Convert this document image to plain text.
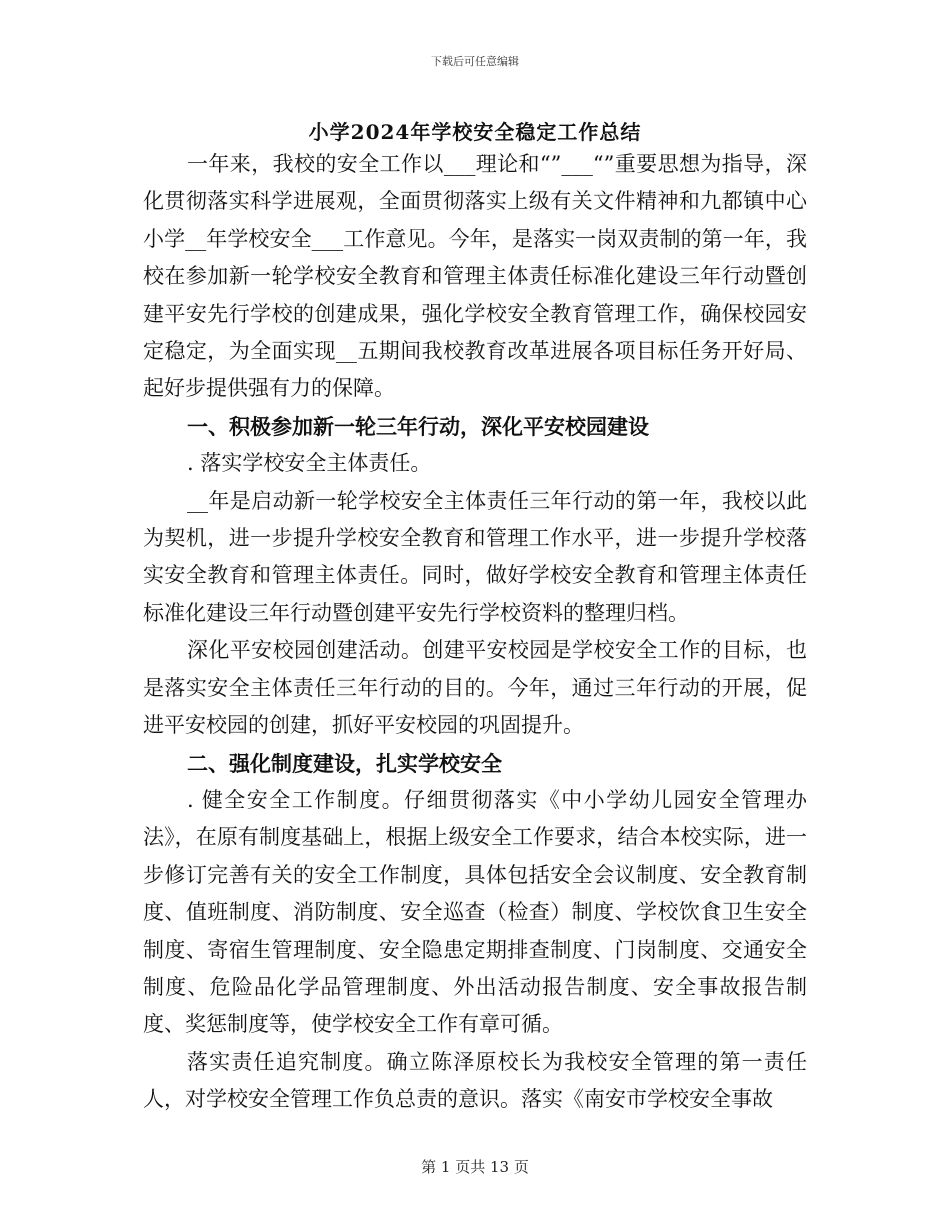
下载后可任意编辑
小学2024年学校安全稳定工作总结

一年来，我校的安全工作以___理论和“”___“”重要思想为指导，深化贯彻落实科学进展观，全面贯彻落实上级有关文件精神和九都镇中心小学__年学校安全___工作意见。今年，是落实一岗双责制的第一年，我校在参加新一轮学校安全教育和管理主体责任标准化建设三年行动暨创建平安先行学校的创建成果，强化学校安全教育管理工作，确保校园安定稳定，为全面实现__五期间我校教育改革进展各项目标任务开好局、起好步提供强有力的保障。

一、积极参加新一轮三年行动，深化平安校园建设

. 落实学校安全主体责任。

__年是启动新一轮学校安全主体责任三年行动的第一年，我校以此为契机，进一步提升学校安全教育和管理工作水平，进一步提升学校落实安全教育和管理主体责任。同时，做好学校安全教育和管理主体责任标准化建设三年行动暨创建平安先行学校资料的整理归档。

深化平安校园创建活动。创建平安校园是学校安全工作的目标，也是落实安全主体责任三年行动的目的。今年，通过三年行动的开展，促进平安校园的创建，抓好平安校园的巩固提升。

二、强化制度建设，扎实学校安全

. 健全安全工作制度。仔细贯彻落实《中小学幼儿园安全管理办法》，在原有制度基础上，根据上级安全工作要求，结合本校实际，进一步修订完善有关的安全工作制度，具体包括安全会议制度、安全教育制度、值班制度、消防制度、安全巡查（检查）制度、学校饮食卫生安全制度、寄宿生管理制度、安全隐患定期排查制度、门岗制度、交通安全制度、危险品化学品管理制度、外出活动报告制度、安全事故报告制度、奖惩制度等，使学校安全工作有章可循。

落实责任追究制度。确立陈泽原校长为我校安全管理的第一责任人，对学校安全管理工作负总责的意识。落实《南安市学校安全事故

第 1 页共 13 页
